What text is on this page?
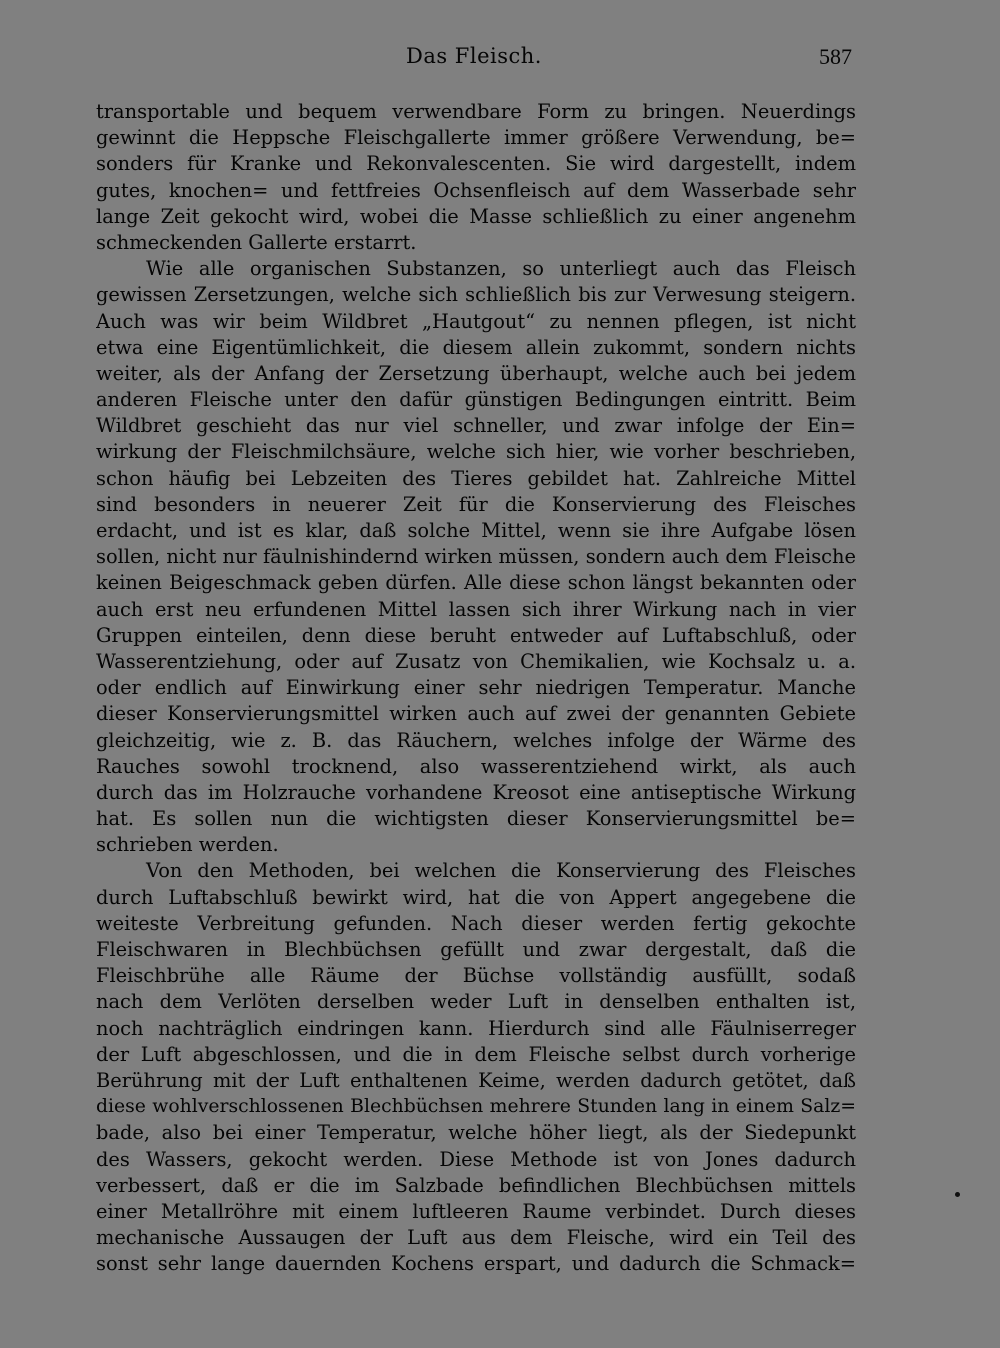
Das Fleisch.	587
transportable und bequem verwendbare Form zu bringen. Neuerdings
gewinnt die Heppsche Fleischgallerte immer größere Verwendung, be=
sonders für Kranke und Rekonvalescenten. Sie wird dargestellt, indem
gutes, knochen= und fettfreies Ochsenfleisch auf dem Wasserbade sehr
lange Zeit gekocht wird, wobei die Masse schließlich zu einer angenehm
schmeckenden Gallerte erstarrt.
Wie alle organischen Substanzen, so unterliegt auch das Fleisch
gewissen Zersetzungen, welche sich schließlich bis zur Verwesung steigern.
Auch was wir beim Wildbret „Hautgout“ zu nennen pflegen, ist nicht
etwa eine Eigentümlichkeit, die diesem allein zukommt, sondern nichts
weiter, als der Anfang der Zersetzung überhaupt, welche auch bei jedem
anderen Fleische unter den dafür günstigen Bedingungen eintritt. Beim
Wildbret geschieht das nur viel schneller, und zwar infolge der Ein=
wirkung der Fleischmilchsäure, welche sich hier, wie vorher beschrieben,
schon häufig bei Lebzeiten des Tieres gebildet hat. Zahlreiche Mittel
sind besonders in neuerer Zeit für die Konservierung des Fleisches
erdacht, und ist es klar, daß solche Mittel, wenn sie ihre Aufgabe lösen
sollen, nicht nur fäulnishindernd wirken müssen, sondern auch dem Fleische
keinen Beigeschmack geben dürfen. Alle diese schon längst bekannten oder
auch erst neu erfundenen Mittel lassen sich ihrer Wirkung nach in vier
Gruppen einteilen, denn diese beruht entweder auf Luftabschluß, oder
Wasserentziehung, oder auf Zusatz von Chemikalien, wie Kochsalz u. a.
oder endlich auf Einwirkung einer sehr niedrigen Temperatur. Manche
dieser Konservierungsmittel wirken auch auf zwei der genannten Gebiete
gleichzeitig, wie z. B. das Räuchern, welches infolge der Wärme des
Rauches sowohl trocknend, also wasserentziehend wirkt, als auch
durch das im Holzrauche vorhandene Kreosot eine antiseptische Wirkung
hat. Es sollen nun die wichtigsten dieser Konservierungsmittel be=
schrieben werden.
Von den Methoden, bei welchen die Konservierung des Fleisches
durch Luftabschluß bewirkt wird, hat die von Appert angegebene die
weiteste Verbreitung gefunden. Nach dieser werden fertig gekochte
Fleischwaren in Blechbüchsen gefüllt und zwar dergestalt, daß die
Fleischbrühe alle Räume der Büchse vollständig ausfüllt, sodaß
nach dem Verlöten derselben weder Luft in denselben enthalten ist,
noch nachträglich eindringen kann. Hierdurch sind alle Fäulniserreger
der Luft abgeschlossen, und die in dem Fleische selbst durch vorherige
Berührung mit der Luft enthaltenen Keime, werden dadurch getötet, daß
diese wohlverschlossenen Blechbüchsen mehrere Stunden lang in einem Salz=
bade, also bei einer Temperatur, welche höher liegt, als der Siedepunkt
des Wassers, gekocht werden. Diese Methode ist von Jones dadurch
verbessert, daß er die im Salzbade befindlichen Blechbüchsen mittels
einer Metallröhre mit einem luftleeren Raume verbindet. Durch dieses
mechanische Aussaugen der Luft aus dem Fleische, wird ein Teil des
sonst sehr lange dauernden Kochens erspart, und dadurch die Schmack=
